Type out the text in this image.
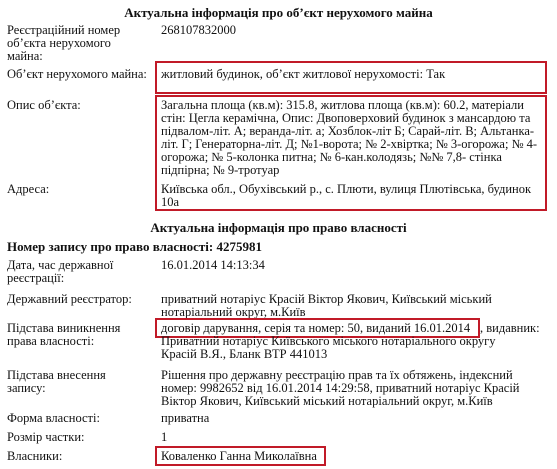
Актуальна інформація про об’єкт нерухомого майна
Реєстраційний номер об’єкта нерухомого майна:
268107832000
Об’єкт нерухомого майна: житловий будинок, об’єкт житлової нерухомості: Так
Опис об’єкта:	Загальна площа (кв.м): 315.8, житлова площа (кв.м): 60.2, матеріали стін: Цегла керамічна, Опис: Двоповерховий будинок з мансардою та підвалом-літ. А; веранда-літ. а; Хозблок-літ Б; Сарай-літ. В; Альтанка-літ. Г; Генераторна-літ. Д; №1-ворота; № 2-хвіртка; № 3-огорожа; № 4-огорожа; № 5-колонка питна; № 6-кан.колодязь; №№ 7,8- стінка підпірна; № 9-тротуар
Адреса:	Київська обл., Обухівський р., с. Плюти, вулиця Плютівська, будинок 10а
Актуальна інформація про право власності
Номер запису про право власності: 4275981
Дата, час державної реєстрації:
16.01.2014 14:13:34
Державний реєстратор:	приватний нотаріус Красій Віктор Якович, Київський міський нотаріальний округ, м.Київ
Підстава виникнення права власності:
договір дарування, серія та номер: 50, виданий 16.01.2014 , видавник:
Приватний нотаріус Київського міського нотаріального округу Красій В.Я., Бланк ВТР 441013
Підстава внесення запису:
Рішення про державну реєстрацію прав та їх обтяжень, індексний номер: 9982652 від 16.01.2014 14:29:58, приватний нотаріус Красій Віктор Якович, Київський міський нотаріальний округ, м.Київ
Форма власності:	приватна
Розмір частки:	1
Власники:	Коваленко Ганна Миколаївна
